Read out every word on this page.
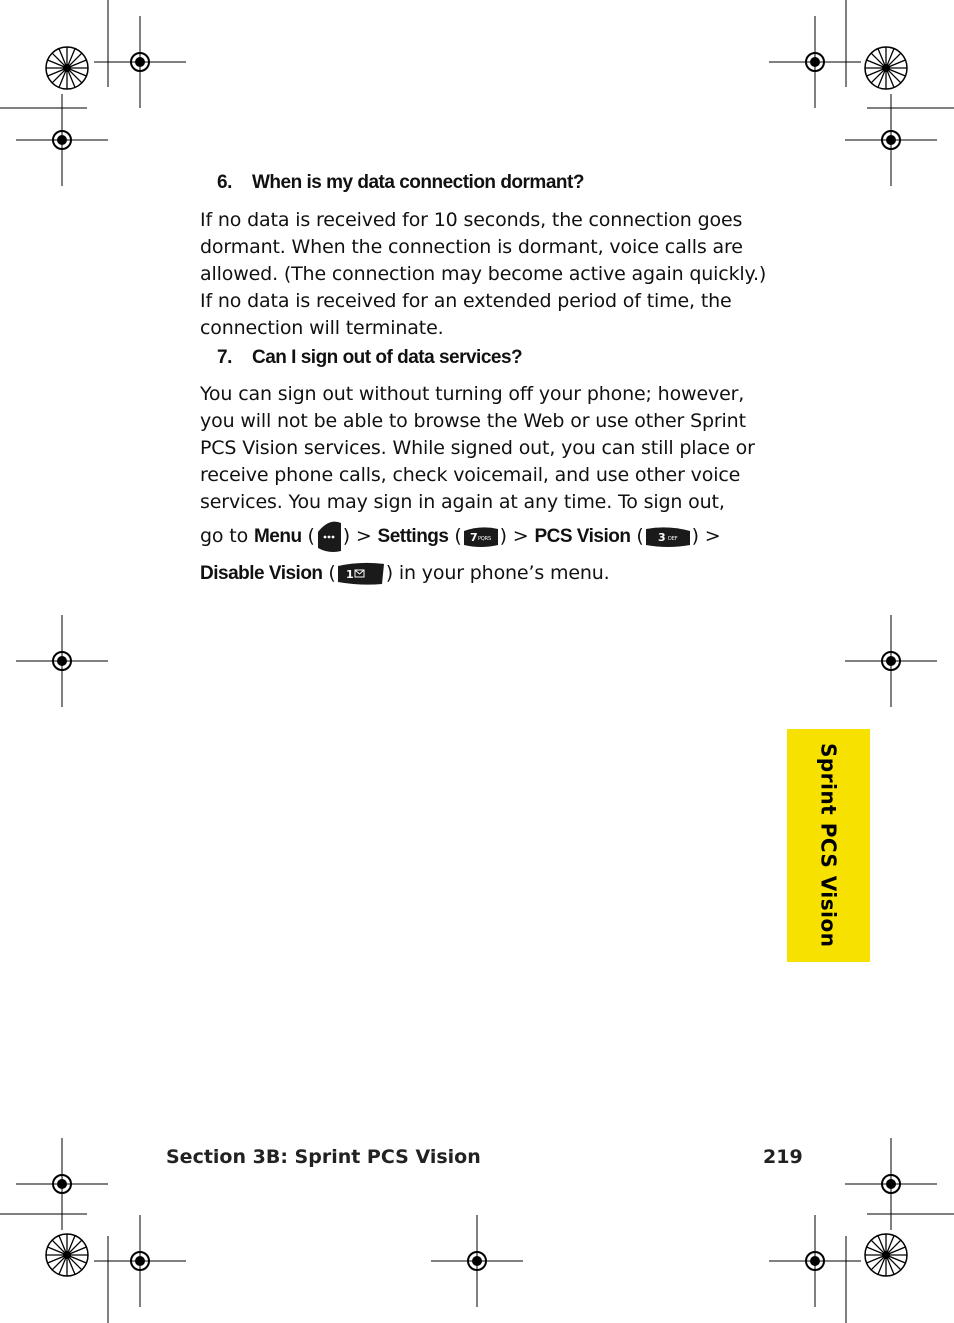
6.	When is my data connection dormant?

If no data is received for 10 seconds, the connection goes dormant. When the connection is dormant, voice calls are allowed. (The connection may become active again quickly.) If no data is received for an extended period of time, the connection will terminate.

7.	Can I sign out of data services?

You can sign out without turning off your phone; however, you will not be able to browse the Web or use other Sprint PCS Vision services. While signed out, you can still place or receive phone calls, check voicemail, and use other voice services. You may sign in again at any time. To sign out,

go to Menu ( ) > Settings ( 7 PQRS ) > PCS Vision ( 3 DEF ) >
Disable Vision ( 1 ) in your phone’s menu.
Sprint PCS Vision
Section 3B: Sprint PCS Vision	219
